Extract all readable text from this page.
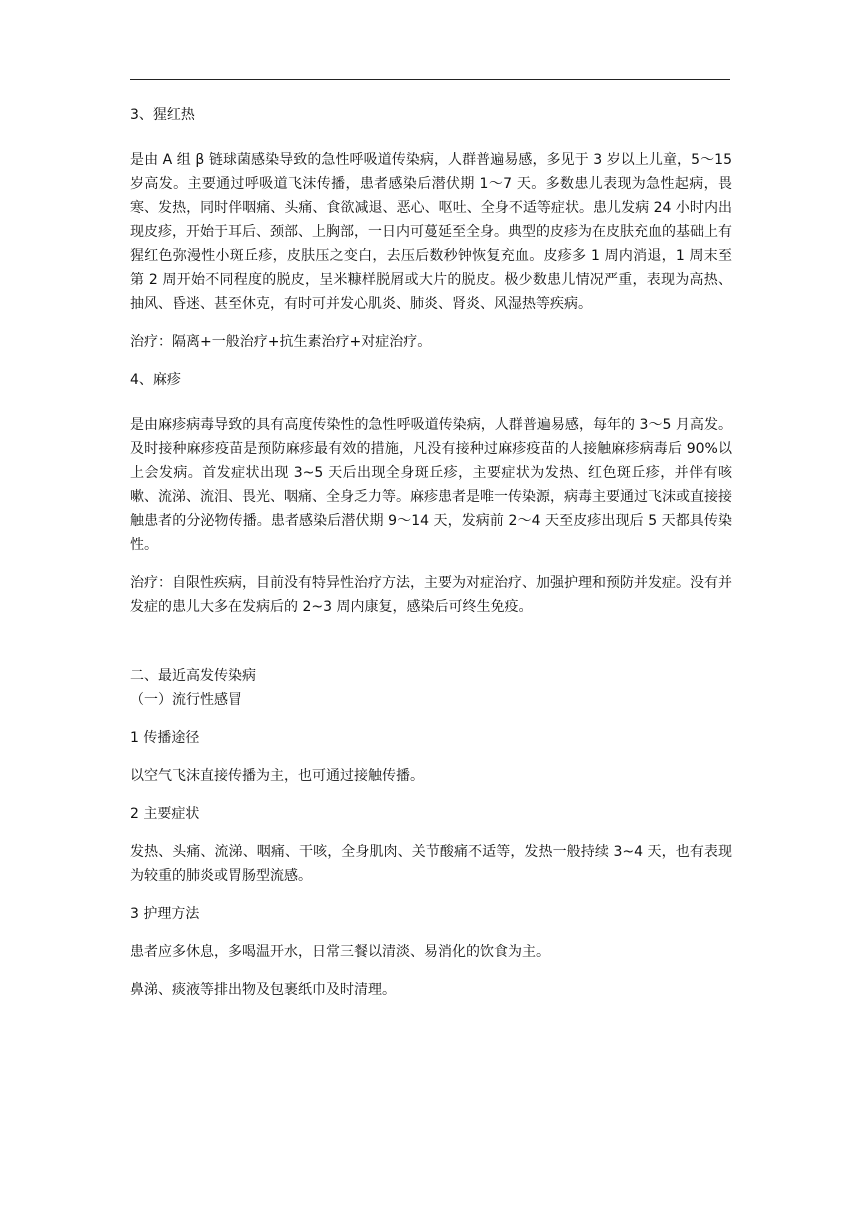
3、猩红热

是由 A 组 β 链球菌感染导致的急性呼吸道传染病，人群普遍易感，多见于 3 岁以上儿童，5～15 岁高发。主要通过呼吸道飞沫传播，患者感染后潜伏期 1～7 天。多数患儿表现为急性起病，畏寒、发热，同时伴咽痛、头痛、食欲减退、恶心、呕吐、全身不适等症状。患儿发病 24 小时内出现皮疹，开始于耳后、颈部、上胸部，一日内可蔓延至全身。典型的皮疹为在皮肤充血的基础上有猩红色弥漫性小斑丘疹，皮肤压之变白，去压后数秒钟恢复充血。皮疹多 1 周内消退，1 周末至第 2 周开始不同程度的脱皮，呈米糠样脱屑或大片的脱皮。极少数患儿情况严重，表现为高热、抽风、昏迷、甚至休克，有时可并发心肌炎、肺炎、肾炎、风湿热等疾病。

治疗：隔离+一般治疗+抗生素治疗+对症治疗。

4、麻疹

是由麻疹病毒导致的具有高度传染性的急性呼吸道传染病，人群普遍易感，每年的 3～5 月高发。及时接种麻疹疫苗是预防麻疹最有效的措施，凡没有接种过麻疹疫苗的人接触麻疹病毒后 90%以上会发病。首发症状出现 3~5 天后出现全身斑丘疹，主要症状为发热、红色斑丘疹，并伴有咳嗽、流涕、流泪、畏光、咽痛、全身乏力等。麻疹患者是唯一传染源，病毒主要通过飞沫或直接接触患者的分泌物传播。患者感染后潜伏期 9～14 天，发病前 2～4 天至皮疹出现后 5 天都具传染性。

治疗：自限性疾病，目前没有特异性治疗方法，主要为对症治疗、加强护理和预防并发症。没有并发症的患儿大多在发病后的 2~3 周内康复，感染后可终生免疫。

二、最近高发传染病

（一）流行性感冒

1 传播途径

以空气飞沫直接传播为主，也可通过接触传播。

2 主要症状

发热、头痛、流涕、咽痛、干咳，全身肌肉、关节酸痛不适等，发热一般持续 3~4 天，也有表现为较重的肺炎或胃肠型流感。

3 护理方法

患者应多休息，多喝温开水，日常三餐以清淡、易消化的饮食为主。

鼻涕、痰液等排出物及包裹纸巾及时清理。
